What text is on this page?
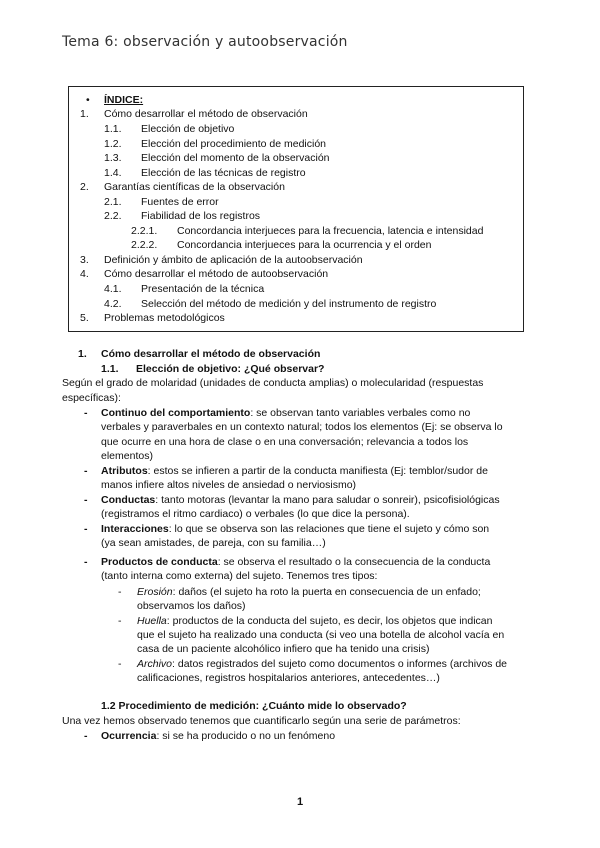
Tema 6: observación y autoobservación
• ÍNDICE:
1. Cómo desarrollar el método de observación
1.1. Elección de objetivo
1.2. Elección del procedimiento de medición
1.3. Elección del momento de la observación
1.4. Elección de las técnicas de registro
2. Garantías científicas de la observación
2.1. Fuentes de error
2.2. Fiabilidad de los registros
2.2.1. Concordancia interjueces para la frecuencia, latencia e intensidad
2.2.2. Concordancia interjueces para la ocurrencia y el orden
3. Definición y ámbito de aplicación de la autoobservación
4. Cómo desarrollar el método de autoobservación
4.1. Presentación de la técnica
4.2. Selección del método de medición y del instrumento de registro
5. Problemas metodológicos
1. Cómo desarrollar el método de observación
1.1. Elección de objetivo: ¿Qué observar?
Según el grado de molaridad (unidades de conducta amplias) o molecularidad (respuestas
específicas):
- Continuo del comportamiento: se observan tanto variables verbales como no
verbales y paraverbales en un contexto natural; todos los elementos (Ej: se observa lo
que ocurre en una hora de clase o en una conversación; relevancia a todos los
elementos)
- Atributos: estos se infieren a partir de la conducta manifiesta (Ej: temblor/sudor de
manos infiere altos niveles de ansiedad o nerviosismo)
- Conductas: tanto motoras (levantar la mano para saludar o sonreir), psicofisiológicas
(registramos el ritmo cardiaco) o verbales (lo que dice la persona).
- Interacciones: lo que se observa son las relaciones que tiene el sujeto y cómo son
(ya sean amistades, de pareja, con su familia…)
- Productos de conducta: se observa el resultado o la consecuencia de la conducta
(tanto interna como externa) del sujeto. Tenemos tres tipos:
- Erosión: daños (el sujeto ha roto la puerta en consecuencia de un enfado;
observamos los daños)
- Huella: productos de la conducta del sujeto, es decir, los objetos que indican
que el sujeto ha realizado una conducta (si veo una botella de alcohol vacía en
casa de un paciente alcohólico infiero que ha tenido una crisis)
- Archivo: datos registrados del sujeto como documentos o informes (archivos de
calificaciones, registros hospitalarios anteriores, antecedentes…)
1.2 Procedimiento de medición: ¿Cuánto mide lo observado?
Una vez hemos observado tenemos que cuantificarlo según una serie de parámetros:
- Ocurrencia: si se ha producido o no un fenómeno
1
